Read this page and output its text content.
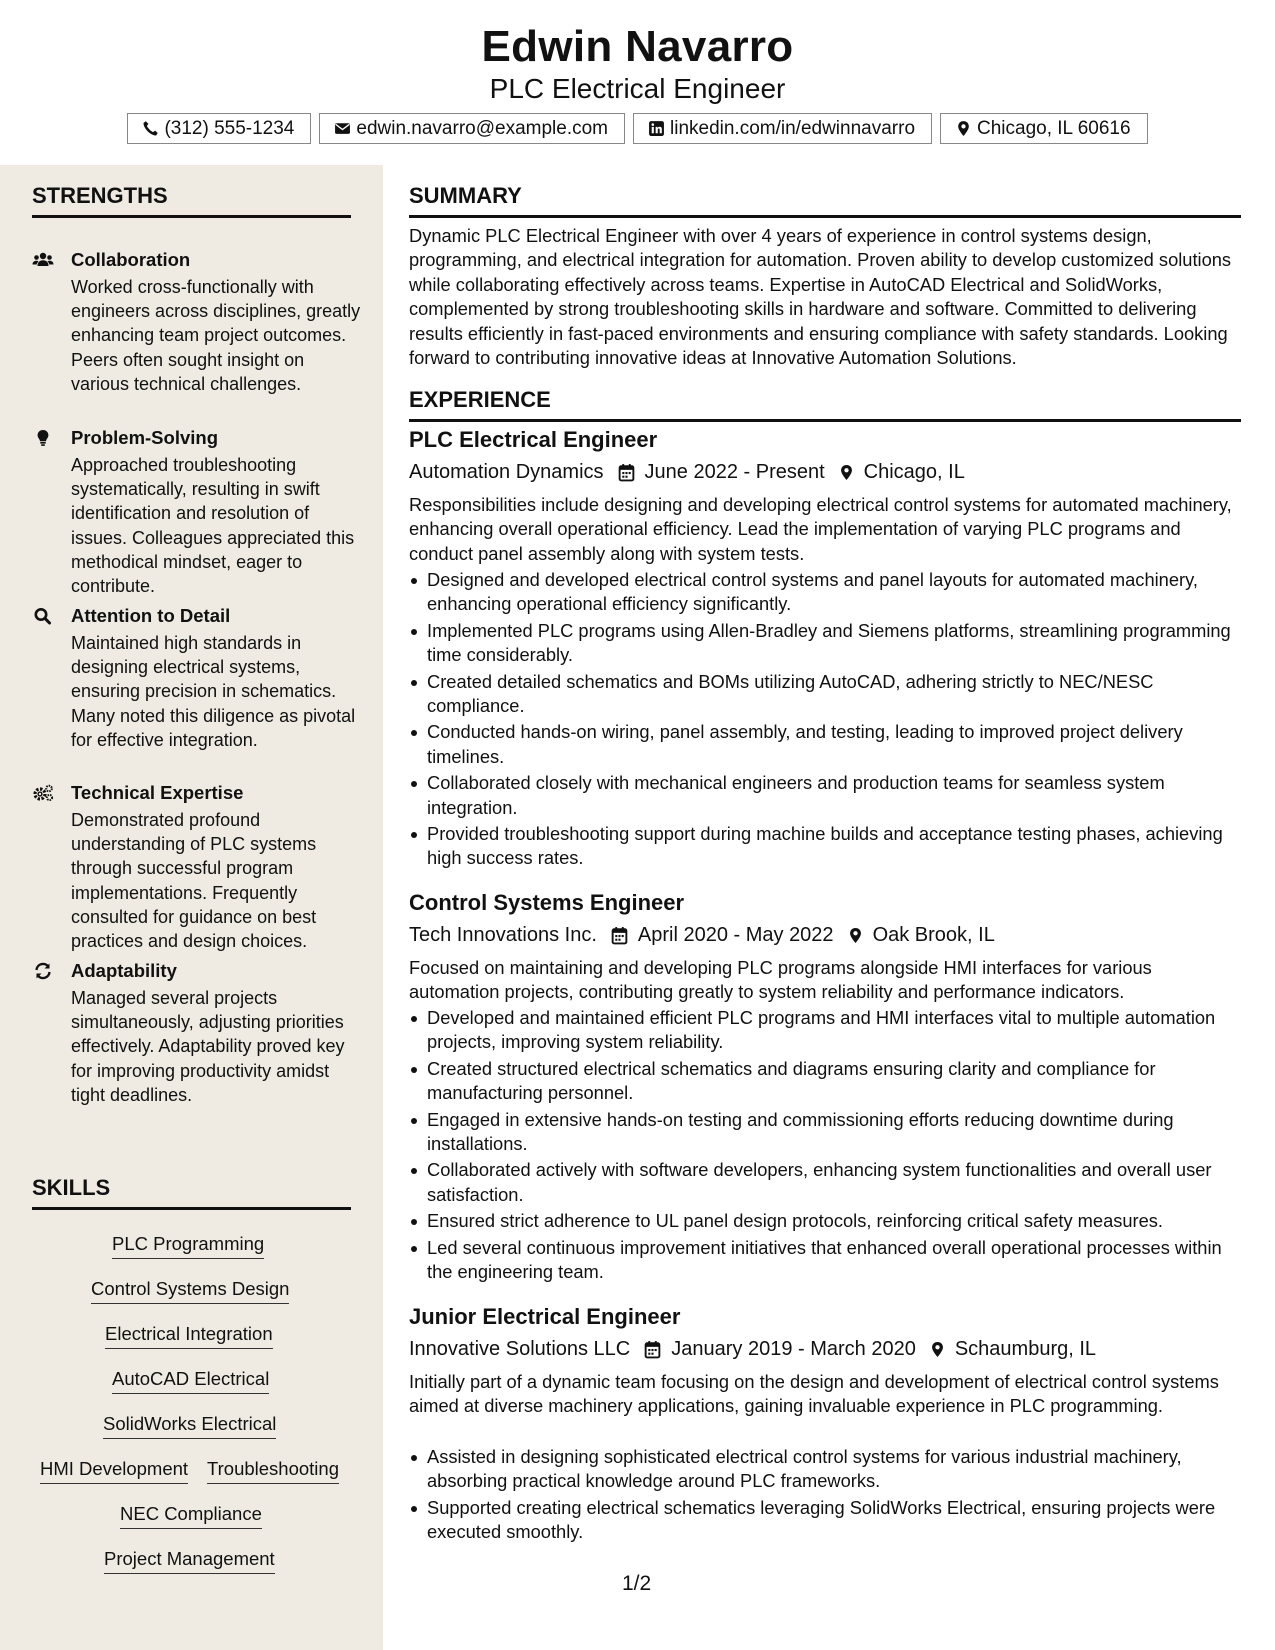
Edwin Navarro
PLC Electrical Engineer
(312) 555-1234	edwin.navarro@example.com	linkedin.com/in/edwinnavarro	Chicago, IL 60616
STRENGTHS
Collaboration
Worked cross-functionally with engineers across disciplines, greatly enhancing team project outcomes. Peers often sought insight on various technical challenges.
Problem-Solving
Approached troubleshooting systematically, resulting in swift identification and resolution of issues. Colleagues appreciated this methodical mindset, eager to contribute.
Attention to Detail
Maintained high standards in designing electrical systems, ensuring precision in schematics. Many noted this diligence as pivotal for effective integration.
Technical Expertise
Demonstrated profound understanding of PLC systems through successful program implementations. Frequently consulted for guidance on best practices and design choices.
Adaptability
Managed several projects simultaneously, adjusting priorities effectively. Adaptability proved key for improving productivity amidst tight deadlines.
SKILLS
PLC Programming
Control Systems Design
Electrical Integration
AutoCAD Electrical
SolidWorks Electrical
HMI Development Troubleshooting
NEC Compliance
Project Management
SUMMARY
Dynamic PLC Electrical Engineer with over 4 years of experience in control systems design, programming, and electrical integration for automation. Proven ability to develop customized solutions while collaborating effectively across teams. Expertise in AutoCAD Electrical and SolidWorks, complemented by strong troubleshooting skills in hardware and software. Committed to delivering results efficiently in fast-paced environments and ensuring compliance with safety standards. Looking forward to contributing innovative ideas at Innovative Automation Solutions.
EXPERIENCE
PLC Electrical Engineer
Automation Dynamics June 2022 - Present Chicago, IL
Responsibilities include designing and developing electrical control systems for automated machinery, enhancing overall operational efficiency. Lead the implementation of varying PLC programs and conduct panel assembly along with system tests.
Designed and developed electrical control systems and panel layouts for automated machinery, enhancing operational efficiency significantly.
Implemented PLC programs using Allen-Bradley and Siemens platforms, streamlining programming time considerably.
Created detailed schematics and BOMs utilizing AutoCAD, adhering strictly to NEC/NESC compliance.
Conducted hands-on wiring, panel assembly, and testing, leading to improved project delivery timelines.
Collaborated closely with mechanical engineers and production teams for seamless system integration.
Provided troubleshooting support during machine builds and acceptance testing phases, achieving high success rates.
Control Systems Engineer
Tech Innovations Inc. April 2020 - May 2022 Oak Brook, IL
Focused on maintaining and developing PLC programs alongside HMI interfaces for various automation projects, contributing greatly to system reliability and performance indicators.
Developed and maintained efficient PLC programs and HMI interfaces vital to multiple automation projects, improving system reliability.
Created structured electrical schematics and diagrams ensuring clarity and compliance for manufacturing personnel.
Engaged in extensive hands-on testing and commissioning efforts reducing downtime during installations.
Collaborated actively with software developers, enhancing system functionalities and overall user satisfaction.
Ensured strict adherence to UL panel design protocols, reinforcing critical safety measures.
Led several continuous improvement initiatives that enhanced overall operational processes within the engineering team.
Junior Electrical Engineer
Innovative Solutions LLC January 2019 - March 2020 Schaumburg, IL
Initially part of a dynamic team focusing on the design and development of electrical control systems aimed at diverse machinery applications, gaining invaluable experience in PLC programming.
Assisted in designing sophisticated electrical control systems for various industrial machinery, absorbing practical knowledge around PLC frameworks.
Supported creating electrical schematics leveraging SolidWorks Electrical, ensuring projects were executed smoothly.
1/2
